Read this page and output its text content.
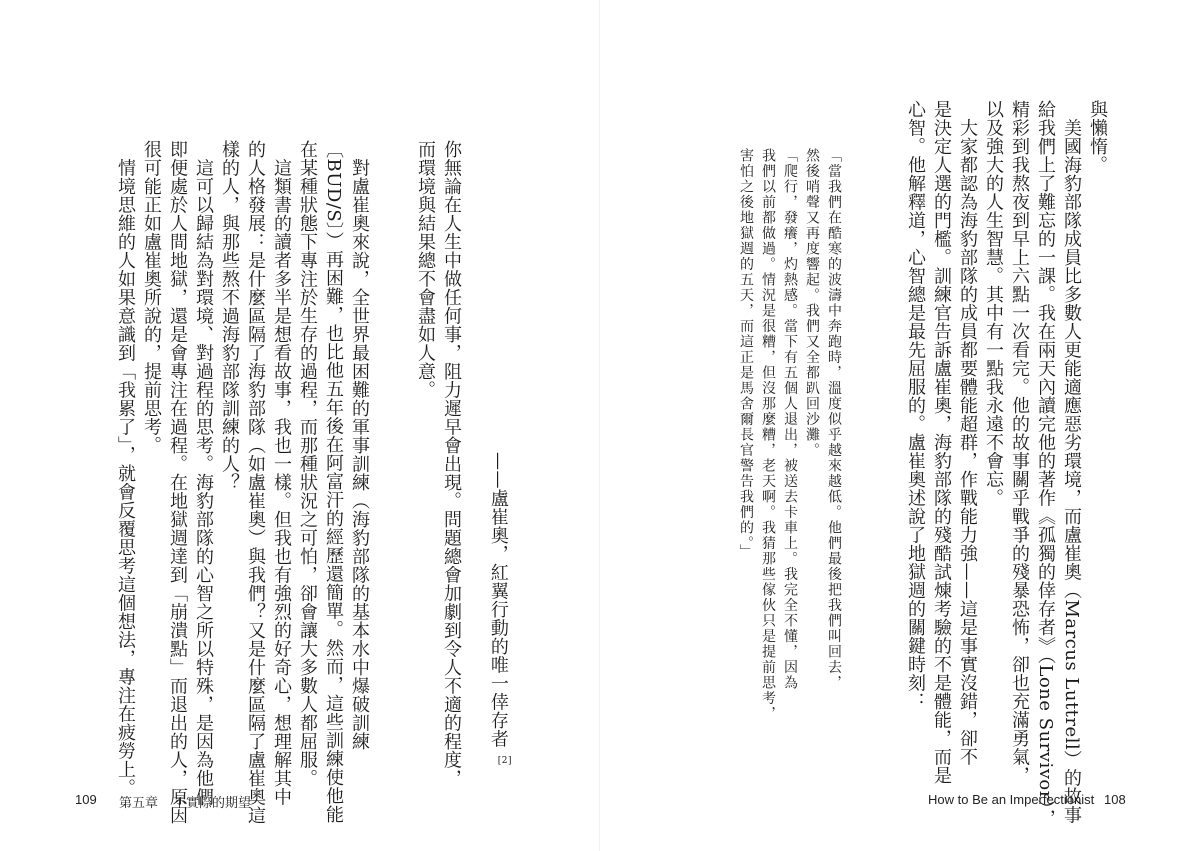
與懶惰。
　美國海豹部隊成員比多數人更能適應惡劣環境，而盧崔奧（Marcus Luttrell）的故事
給我們上了難忘的一課。我在兩天內讀完他的著作《孤獨的倖存者》（Lone Survivor），
精彩到我熬夜到早上六點一次看完。他的故事關乎戰爭的殘暴恐怖，卻也充滿勇氣，
以及強大的人生智慧。其中有一點我永遠不會忘。
　大家都認為海豹部隊的成員都要體能超群，作戰能力強——這是事實沒錯，卻不
是決定人選的門檻。訓練官告訴盧崔奧，海豹部隊的殘酷試煉考驗的不是體能，而是
心智。他解釋道，心智總是最先屈服的。盧崔奧述說了地獄週的關鍵時刻：
「當我們在酷寒的波濤中奔跑時，溫度似乎越來越低。他們最後把我們叫回去，
然後哨聲又再度響起。我們又全都趴回沙灘。
「爬行，發癢，灼熱感。當下有五個人退出，被送去卡車上。我完全不懂，因為
我們以前都做過。情況是很糟，但沒那麼糟，老天啊。我猜那些傢伙只是提前思考，
害怕之後地獄週的五天，而這正是馬舍爾長官警告我們的。」
How to Be an Imperfectionist 108
——盧崔奧，紅翼行動的唯一倖存者[2]
你無論在人生中做任何事，阻力遲早會出現。問題總會加劇到令人不適的程度，
而環境與結果總不會盡如人意。
　對盧崔奧來說，全世界最困難的軍事訓練（海豹部隊的基本水中爆破訓練
〔BUD/S〕）再困難，也比他五年後在阿富汗的經歷還簡單。然而，這些訓練使他能
在某種狀態下專注於生存的過程，而那種狀況之可怕，卻會讓大多數人都屈服。
　這類書的讀者多半是想看故事，我也一樣。但我也有強烈的好奇心，想理解其中
的人格發展：是什麼區隔了海豹部隊（如盧崔奧）與我們？又是什麼區隔了盧崔奧這
樣的人，與那些熬不過海豹部隊訓練的人？
　這可以歸結為對環境、對過程的思考。海豹部隊的心智之所以特殊，是因為他們
即便處於人間地獄，還是會專注在過程。在地獄週達到「崩潰點」而退出的人，原因
很可能正如盧崔奧所說的，提前思考。
　情境思維的人如果意識到「我累了」，就會反覆思考這個想法，專注在疲勞上。
109 第五章 不實際的期望
